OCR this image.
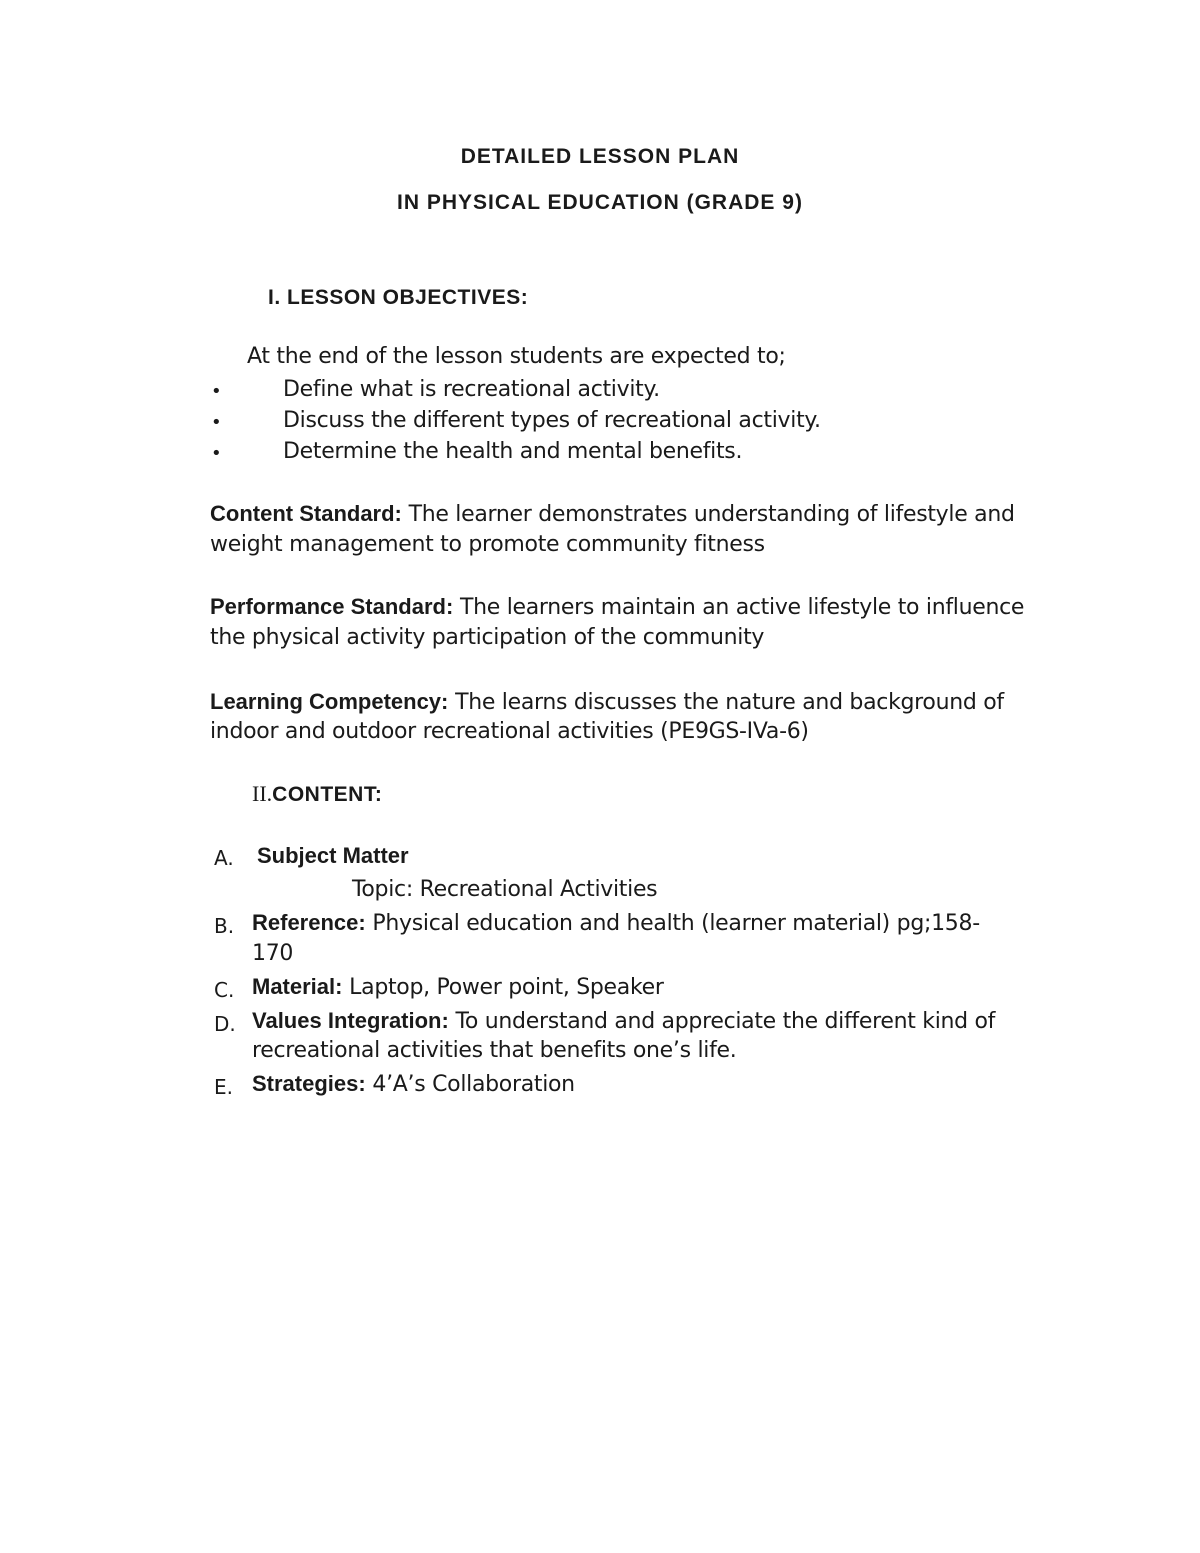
DETAILED LESSON PLAN
IN PHYSICAL EDUCATION (GRADE 9)
I. LESSON OBJECTIVES:
At the end of the lesson students are expected to;
•	Define what is recreational activity.
•	Discuss the different types of recreational activity.
•	Determine the health and mental benefits.
Content Standard: The learner demonstrates understanding of lifestyle and
weight management to promote community fitness
Performance Standard: The learners maintain an active lifestyle to influence
the physical activity participation of the community
Learning Competency: The learns discusses the nature and background of
indoor and outdoor recreational activities (PE9GS-IVa-6)
II.CONTENT:
A. Subject Matter
Topic: Recreational Activities
B. Reference: Physical education and health (learner material) pg;158-
170
C. Material: Laptop, Power point, Speaker
D. Values Integration: To understand and appreciate the different kind of
recreational activities that benefits one’s life.
E. Strategies: 4’A’s Collaboration
